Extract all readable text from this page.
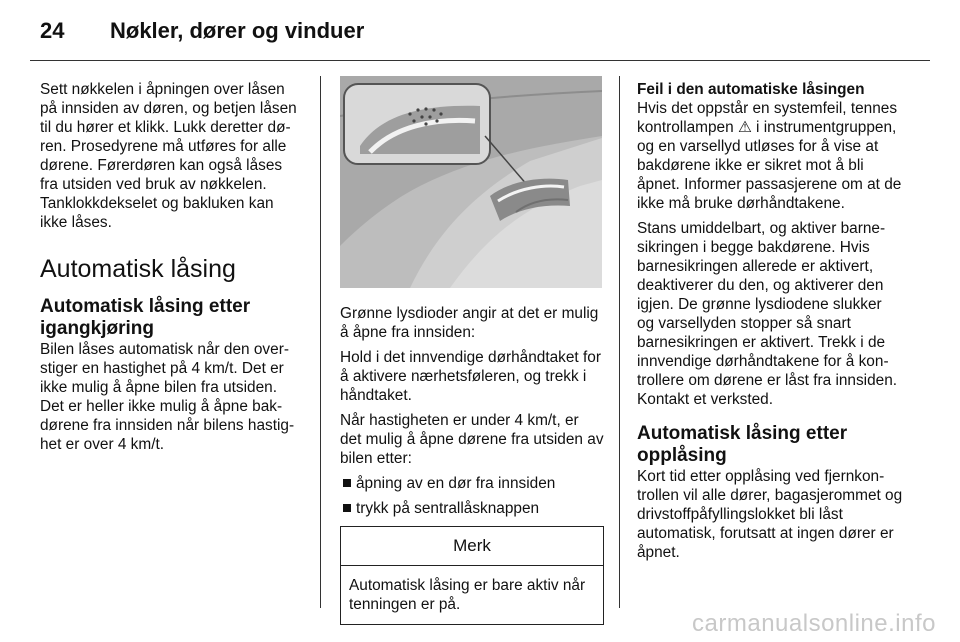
24 Nøkler, dører og vinduer

Sett nøkkelen i åpningen over låsen på innsiden av døren, og betjen låsen til du hører et klikk. Lukk deretter døren. Prosedyrene må utføres for alle dørene. Førerdøren kan også låses fra utsiden ved bruk av nøkkelen. Tanklokkdekselet og bakluken kan ikke låses.

Automatisk låsing
Automatisk låsing etter igangkjøring

Bilen låses automatisk når den overstiger en hastighet på 4 km/t. Det er ikke mulig å åpne bilen fra utsiden. Det er heller ikke mulig å åpne bakdørene fra innsiden når bilens hastighet er over 4 km/t.

Grønne lysdioder angir at det er mulig å åpne fra innsiden:

Hold i det innvendige dørhåndtaket for å aktivere nærhetsføleren, og trekk i håndtaket.

Når hastigheten er under 4 km/t, er det mulig å åpne dørene fra utsiden av bilen etter:

åpning av en dør fra innsiden
trykk på sentrallåsknappen
Merk
Automatisk låsing er bare aktiv når tenningen er på.
Feil i den automatiske låsingen

Hvis det oppstår en systemfeil, tennes kontrollampen ⚠ i instrumentgruppen, og en varsellyd utløses for å vise at bakdørene ikke er sikret mot å bli åpnet. Informer passasjerene om at de ikke må bruke dørhåndtakene.

Stans umiddelbart, og aktiver barnesikringen i begge bakdørene. Hvis barnesikringen allerede er aktivert, deaktiverer du den, og aktiverer den igjen. De grønne lysdiodene slukker og varsellyden stopper så snart barnesikringen er aktivert. Trekk i de innvendige dørhåndtakene for å kontrollere om dørene er låst fra innsiden. Kontakt et verksted.

Automatisk låsing etter opplåsing

Kort tid etter opplåsing ved fjernkontrollen vil alle dører, bagasjerommet og drivstoffpåfyllingslokket bli låst automatisk, forutsatt at ingen dører er åpnet.

carmanualsonline.info
